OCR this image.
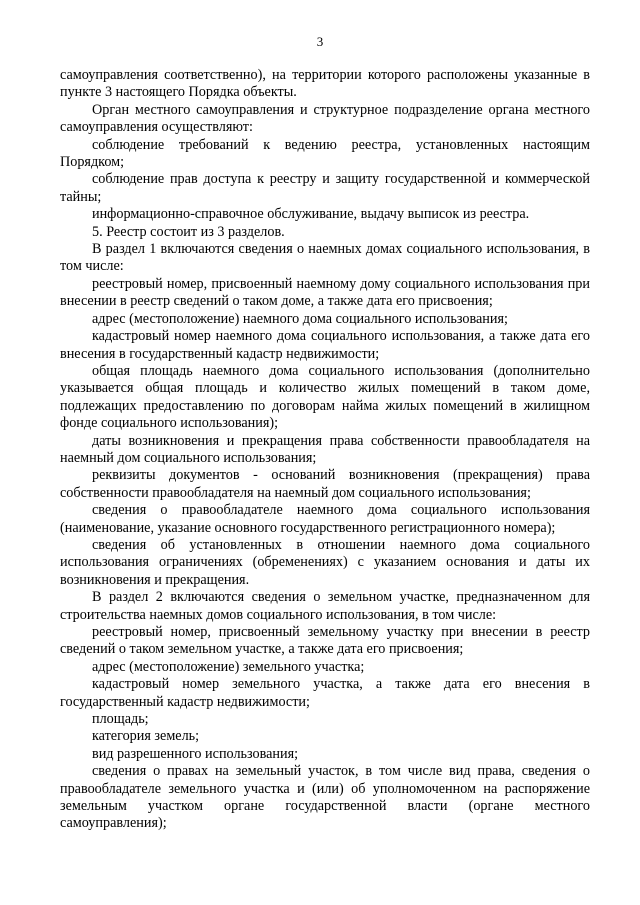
3

самоуправления соответственно), на территории которого расположены указанные в пункте 3 настоящего Порядка объекты.

Орган местного самоуправления и структурное подразделение органа местного самоуправления осуществляют:

соблюдение требований к ведению реестра, установленных настоящим Порядком;

соблюдение прав доступа к реестру и защиту государственной и коммерческой тайны;

информационно-справочное обслуживание, выдачу выписок из реестра.

5. Реестр состоит из 3 разделов.

В раздел 1 включаются сведения о наемных домах социального использования, в том числе:

реестровый номер, присвоенный наемному дому социального использования при внесении в реестр сведений о таком доме, а также дата его присвоения;

адрес (местоположение) наемного дома социального использования;

кадастровый номер наемного дома социального использования, а также дата его внесения в государственный кадастр недвижимости;

общая площадь наемного дома социального использования (дополнительно указывается общая площадь и количество жилых помещений в таком доме, подлежащих предоставлению по договорам найма жилых помещений в жилищном фонде социального использования);

даты возникновения и прекращения права собственности правообладателя на наемный дом социального использования;

реквизиты документов - оснований возникновения (прекращения) права собственности правообладателя на наемный дом социального использования;

сведения о правообладателе наемного дома социального использования (наименование, указание основного государственного регистрационного номера);

сведения об установленных в отношении наемного дома социального использования ограничениях (обременениях) с указанием основания и даты их возникновения и прекращения.

В раздел 2 включаются сведения о земельном участке, предназначенном для строительства наемных домов социального использования, в том числе:

реестровый номер, присвоенный земельному участку при внесении в реестр сведений о таком земельном участке, а также дата его присвоения;

адрес (местоположение) земельного участка;

кадастровый номер земельного участка, а также дата его внесения в государственный кадастр недвижимости;

площадь;

категория земель;

вид разрешенного использования;

сведения о правах на земельный участок, в том числе вид права, сведения о правообладателе земельного участка и (или) об уполномоченном на распоряжение земельным участком органе государственной власти (органе местного самоуправления);
